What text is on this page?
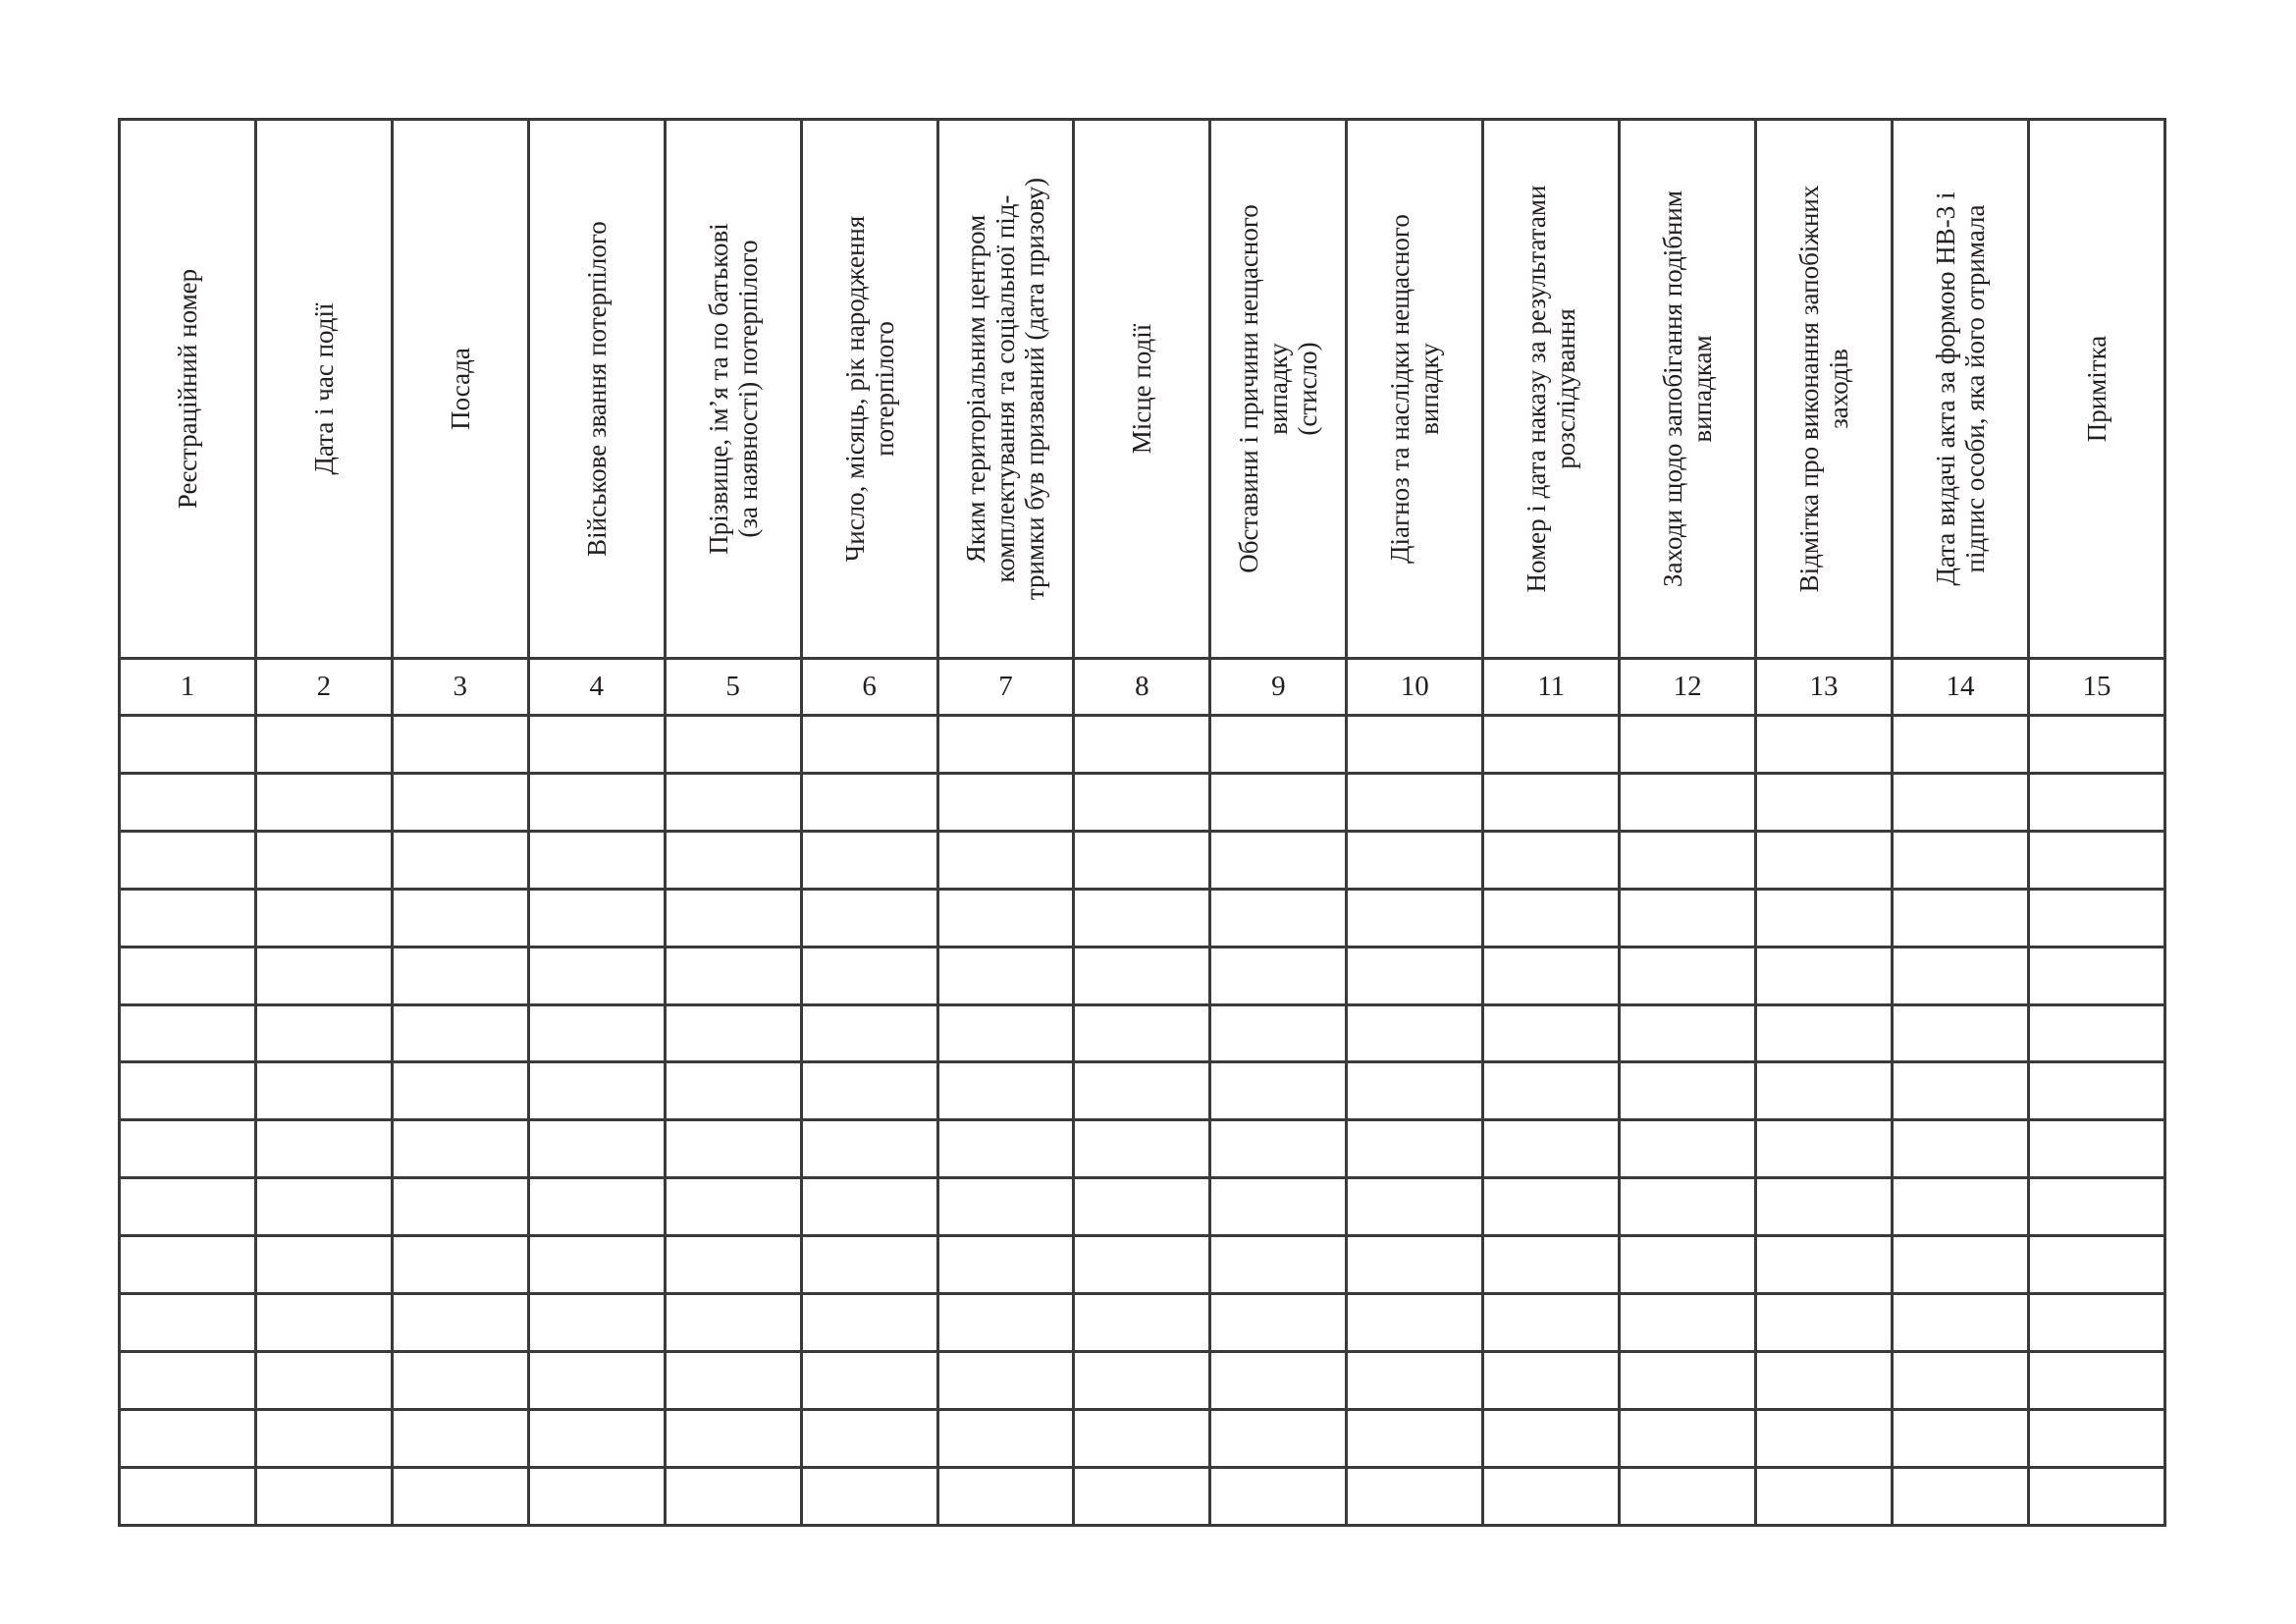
Реєстраційний номер	Дата і час події	Посада	Військове звання потерпілого	Прізвище, ім’я та по батькові
(за наявності) потерпілого	Число, місяць, рік народження
потерпілого	Яким територіальним центром
комплектування та соціальної під-
тримки був призваний (дата призову)	Місце події	Обставини і причини нещасного
випадку
(стисло)	Діагноз та наслідки нещасного
випадку	Номер і дата наказу за результатами
розслідування	Заходи щодо запобігання подібним
випадкам	Відмітка про виконання запобіжних
заходів	Дата видачі акта за формою НВ-3 і
підпис особи, яка його отримала	Примітка

1	2	3	4	5	6	7	8	9	10	11	12	13	14	15
